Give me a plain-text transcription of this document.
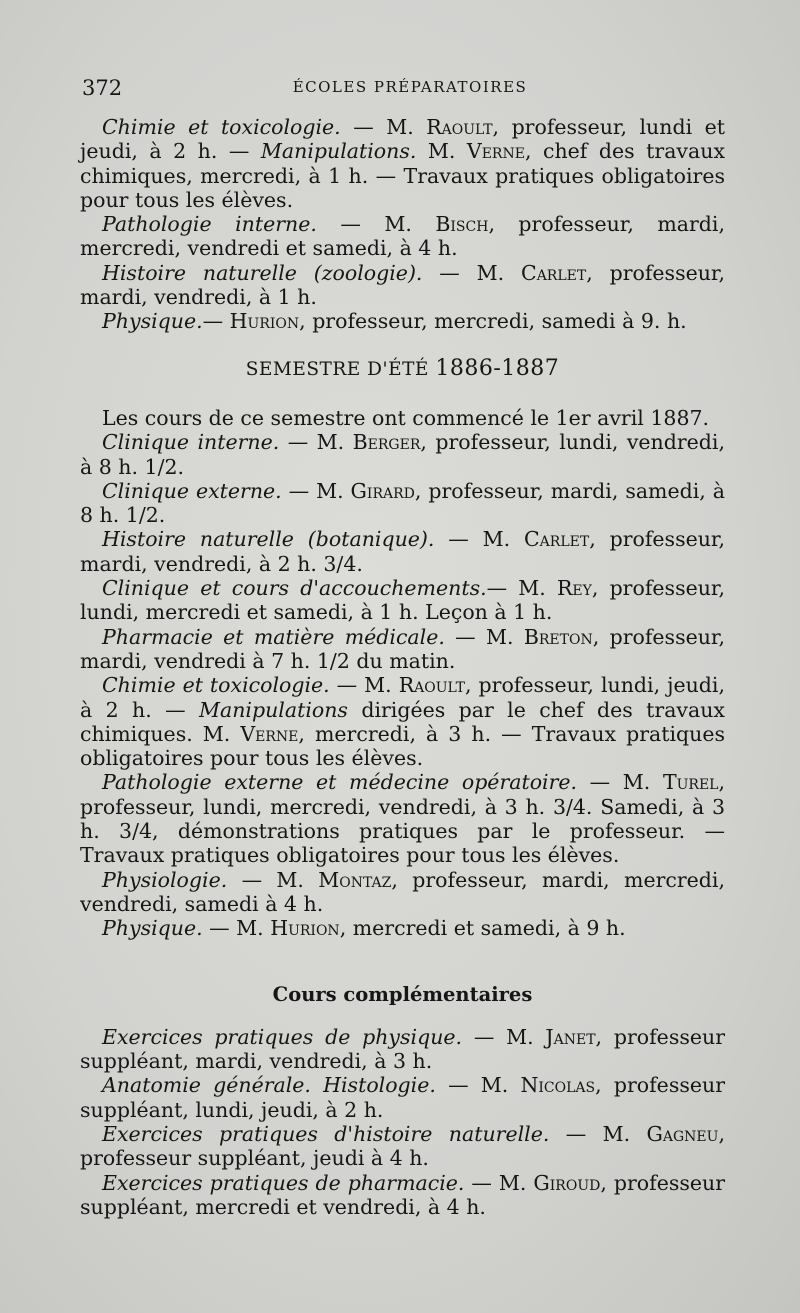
372	ÉCOLES PRÉPARATOIRES

Chimie et toxicologie. — M. Raoult, professeur, lundi et jeudi, à 2 h. — Manipulations. M. Verne, chef des travaux chimiques, mercredi, à 1 h. — Travaux pratiques obligatoires pour tous les élèves.

Pathologie interne. — M. Bisch, professeur, mardi, mercredi, vendredi et samedi, à 4 h.

Histoire naturelle (zoologie). — M. Carlet, professeur, mardi, vendredi, à 1 h.

Physique.— Hurion, professeur, mercredi, samedi à 9. h.

SEMESTRE D'ÉTÉ 1886-1887

Les cours de ce semestre ont commencé le 1er avril 1887.

Clinique interne. — M. Berger, professeur, lundi, vendredi, à 8 h. 1/2.

Clinique externe. — M. Girard, professeur, mardi, samedi, à 8 h. 1/2.

Histoire naturelle (botanique). — M. Carlet, professeur, mardi, vendredi, à 2 h. 3/4.

Clinique et cours d'accouchements.— M. Rey, professeur, lundi, mercredi et samedi, à 1 h. Leçon à 1 h.

Pharmacie et matière médicale. — M. Breton, professeur, mardi, vendredi à 7 h. 1/2 du matin.

Chimie et toxicologie. — M. Raoult, professeur, lundi, jeudi, à 2 h. — Manipulations dirigées par le chef des travaux chimiques. M. Verne, mercredi, à 3 h. — Travaux pratiques obligatoires pour tous les élèves.

Pathologie externe et médecine opératoire. — M. Turel, professeur, lundi, mercredi, vendredi, à 3 h. 3/4. Samedi, à 3 h. 3/4, démonstrations pratiques par le professeur. — Travaux pratiques obligatoires pour tous les élèves.

Physiologie. — M. Montaz, professeur, mardi, mercredi, vendredi, samedi à 4 h.

Physique. — M. Hurion, mercredi et samedi, à 9 h.

Cours complémentaires

Exercices pratiques de physique. — M. Janet, professeur suppléant, mardi, vendredi, à 3 h.

Anatomie générale. Histologie. — M. Nicolas, professeur suppléant, lundi, jeudi, à 2 h.

Exercices pratiques d'histoire naturelle. — M. Gagneu, professeur suppléant, jeudi à 4 h.

Exercices pratiques de pharmacie. — M. Giroud, professeur suppléant, mercredi et vendredi, à 4 h.
